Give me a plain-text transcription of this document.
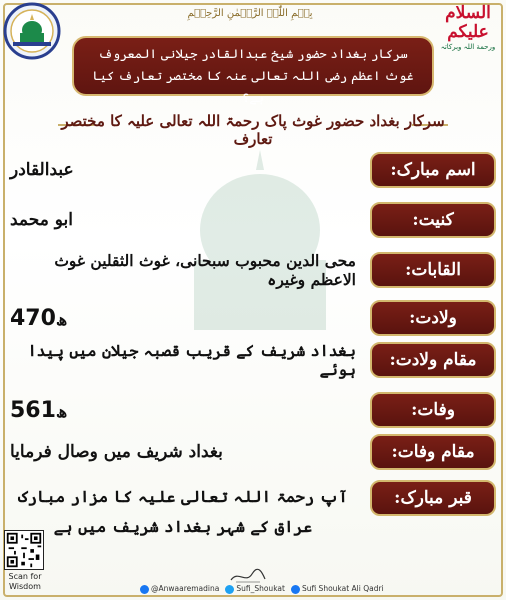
بِسۡمِ اللّٰہِ الرَّحۡمٰنِ الرَّحِیۡمِ	السلام
علیکم
ورحمة اللہ وبرکاتہ
سرکار بغداد حضور شیخ عبدالقادر جیلانی المعروف غوث اعظم رضی اللہ تعالی عنہ کا مختصر تعارف کیا ہے؟
سرکار بغداد حضور غوث پاک رحمۃ اللہ تعالی علیہ کا مختصر تعارف
اسم مبارک:
عبدالقادر
کنیت:
ابو محمد
القابات:
محی الدین محبوب سبحانی، غوث الثقلین غوث الاعظم وغیرہ
ولادت:
470ھ
مقام ولادت:
بغداد شریف کے قریب قصبہ جیلان میں پیدا ہوئے
وفات:
561ھ
مقام وفات:
بغداد شریف میں وصال فرمایا
قبر مبارک:
آپ رحمۃ اللہ تعالی علیہ کا مزار مبارک عراق کے شہر بغداد شریف میں ہے
Scan for Wisdom	@Anwaaremadina	Sufi_Shoukat	Sufi Shoukat Ali Qadri
